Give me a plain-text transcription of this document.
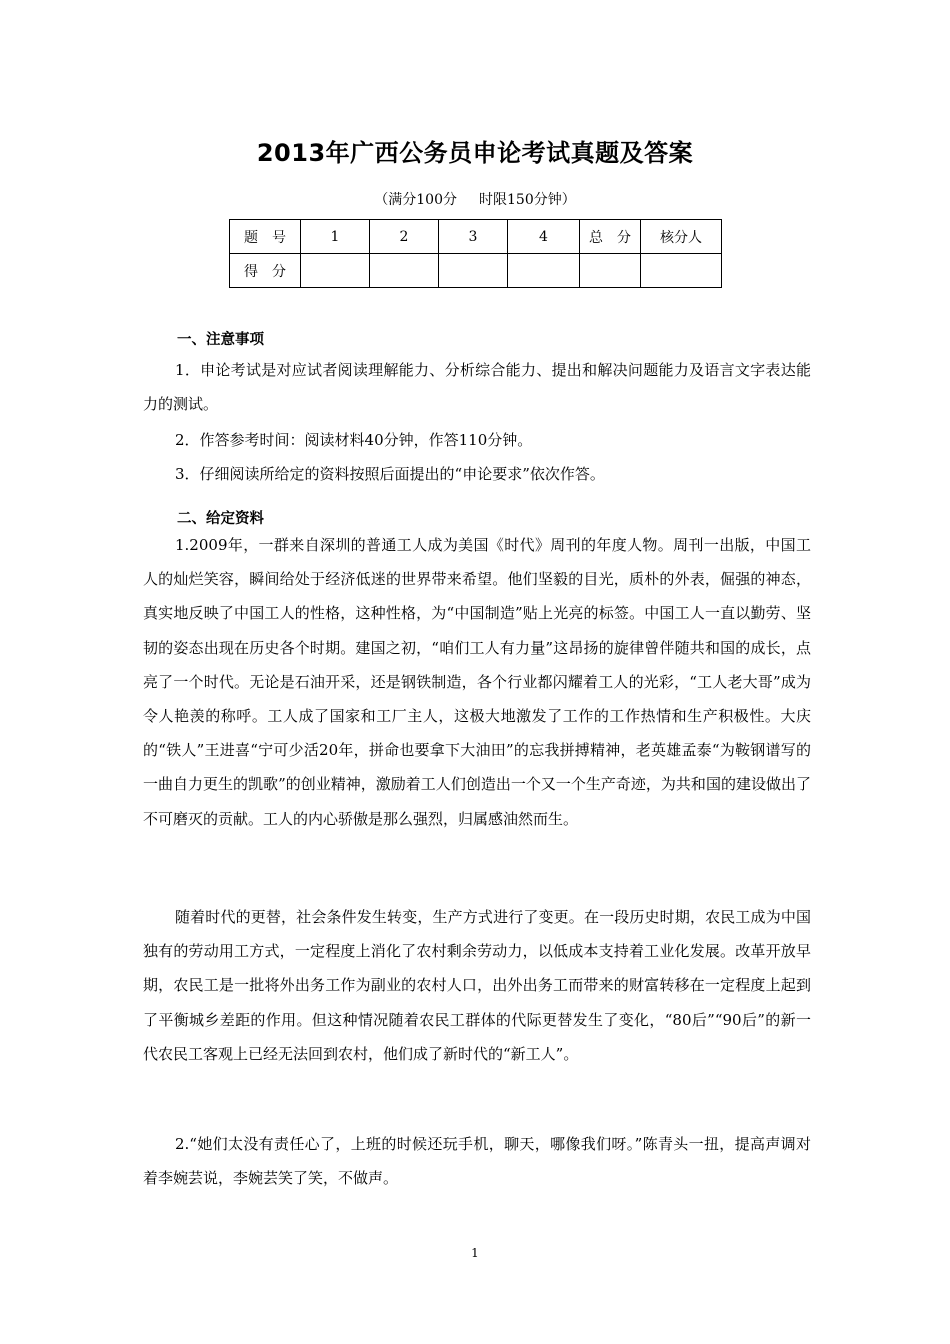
2013年广西公务员申论考试真题及答案
（满分100分 时限150分钟）
题　号	1	2	3	4	总　分	核分人
得　分						
一、注意事项

1．申论考试是对应试者阅读理解能力、分析综合能力、提出和解决问题能力及语言文字表达能力的测试。

2．作答参考时间：阅读材料40分钟，作答110分钟。

3．仔细阅读所给定的资料按照后面提出的“申论要求”依次作答。

二、给定资料

1.2009年，一群来自深圳的普通工人成为美国《时代》周刊的年度人物。周刊一出版，中国工人的灿烂笑容，瞬间给处于经济低迷的世界带来希望。他们坚毅的目光，质朴的外表，倔强的神态，真实地反映了中国工人的性格，这种性格，为“中国制造”贴上光亮的标签。中国工人一直以勤劳、坚韧的姿态出现在历史各个时期。建国之初，“咱们工人有力量”这昂扬的旋律曾伴随共和国的成长，点亮了一个时代。无论是石油开采，还是钢铁制造，各个行业都闪耀着工人的光彩，“工人老大哥”成为令人艳羡的称呼。工人成了国家和工厂主人，这极大地激发了工作的工作热情和生产积极性。大庆的“铁人”王进喜“宁可少活20年，拼命也要拿下大油田”的忘我拼搏精神，老英雄孟泰“为鞍钢谱写的一曲自力更生的凯歌”的创业精神，激励着工人们创造出一个又一个生产奇迹，为共和国的建设做出了不可磨灭的贡献。工人的内心骄傲是那么强烈，归属感油然而生。

随着时代的更替，社会条件发生转变，生产方式进行了变更。在一段历史时期，农民工成为中国独有的劳动用工方式，一定程度上消化了农村剩余劳动力，以低成本支持着工业化发展。改革开放早期，农民工是一批将外出务工作为副业的农村人口，出外出务工而带来的财富转移在一定程度上起到了平衡城乡差距的作用。但这种情况随着农民工群体的代际更替发生了变化，“80后”“90后”的新一代农民工客观上已经无法回到农村，他们成了新时代的“新工人”。

2.“她们太没有责任心了，上班的时候还玩手机，聊天，哪像我们呀。”陈青头一扭，提高声调对着李婉芸说，李婉芸笑了笑，不做声。

1
